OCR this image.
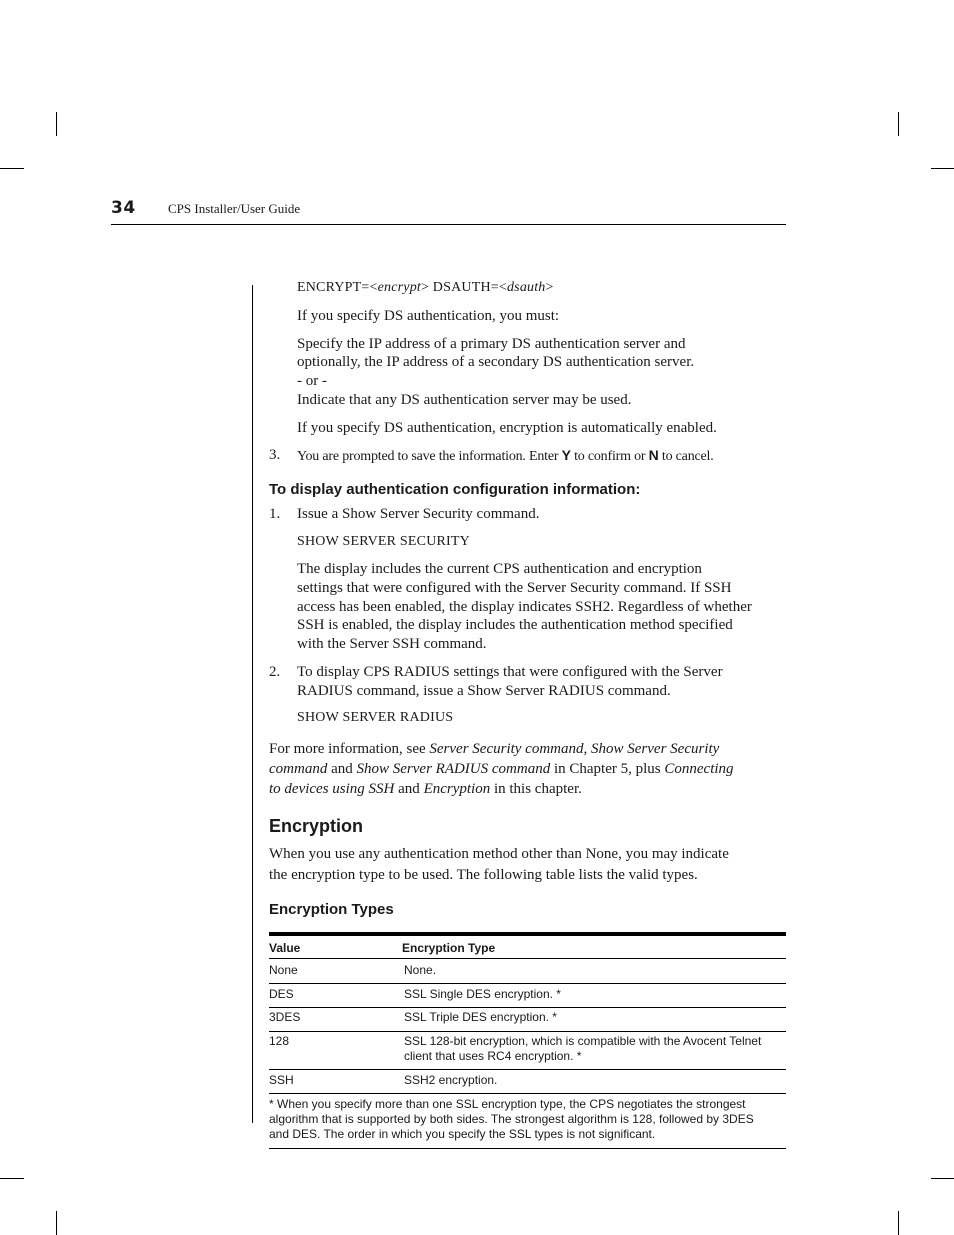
34 CPS Installer/User Guide
ENCRYPT=<encrypt> DSAUTH=<dsauth>
If you specify DS authentication, you must:
Specify the IP address of a primary DS authentication server and
optionally, the IP address of a secondary DS authentication server.
- or -
Indicate that any DS authentication server may be used.
If you specify DS authentication, encryption is automatically enabled.
3. You are prompted to save the information. Enter Y to confirm or N to cancel.
To display authentication configuration information:
1. Issue a Show Server Security command.
SHOW SERVER SECURITY
The display includes the current CPS authentication and encryption
settings that were configured with the Server Security command. If SSH
access has been enabled, the display indicates SSH2. Regardless of whether
SSH is enabled, the display includes the authentication method specified
with the Server SSH command.
2. To display CPS RADIUS settings that were configured with the Server
RADIUS command, issue a Show Server RADIUS command.
SHOW SERVER RADIUS
For more information, see Server Security command, Show Server Security
command and Show Server RADIUS command in Chapter 5, plus Connecting
to devices using SSH and Encryption in this chapter.
Encryption
When you use any authentication method other than None, you may indicate
the encryption type to be used. The following table lists the valid types.
Encryption Types
Value	Encryption Type
None	None.
DES	SSL Single DES encryption. *
3DES	SSL Triple DES encryption. *
128	SSL 128-bit encryption, which is compatible with the Avocent Telnet
client that uses RC4 encryption. *
SSH	SSH2 encryption.
* When you specify more than one SSL encryption type, the CPS negotiates the strongest
algorithm that is supported by both sides. The strongest algorithm is 128, followed by 3DES
and DES. The order in which you specify the SSL types is not significant.
